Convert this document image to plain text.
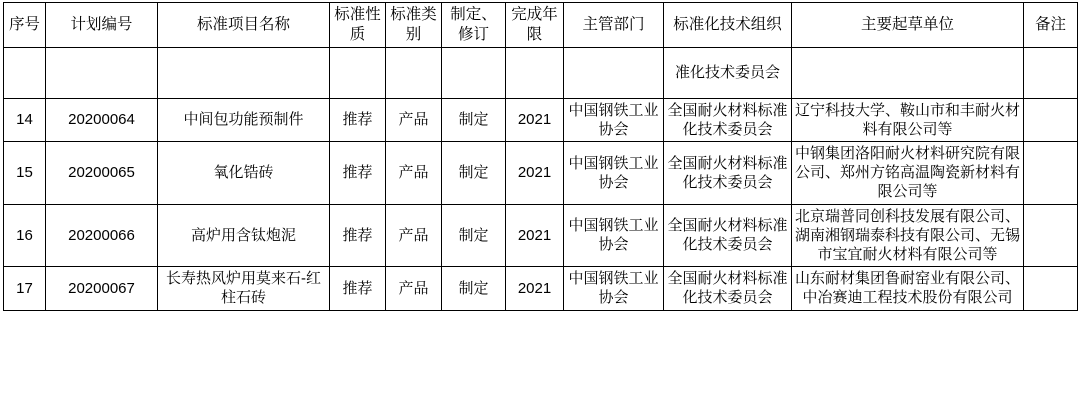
序号	计划编号	标准项目名称	标准性质	标准类别	制定、修订	完成年限	主管部门	标准化技术组织	主要起草单位	备注
								准化技术委员会		
14	20200064	中间包功能预制件	推荐	产品	制定	2021	中国钢铁工业协会	全国耐火材料标准化技术委员会	辽宁科技大学、鞍山市和丰耐火材料有限公司等	
15	20200065	氧化锆砖	推荐	产品	制定	2021	中国钢铁工业协会	全国耐火材料标准化技术委员会	中钢集团洛阳耐火材料研究院有限公司、郑州方铭高温陶瓷新材料有限公司等	
16	20200066	高炉用含钛炮泥	推荐	产品	制定	2021	中国钢铁工业协会	全国耐火材料标准化技术委员会	北京瑞普同创科技发展有限公司、湖南湘钢瑞泰科技有限公司、无锡市宝宜耐火材料有限公司等	
17	20200067	长寿热风炉用莫来石-红柱石砖	推荐	产品	制定	2021	中国钢铁工业协会	全国耐火材料标准化技术委员会	山东耐材集团鲁耐窑业有限公司、中冶赛迪工程技术股份有限公司	
